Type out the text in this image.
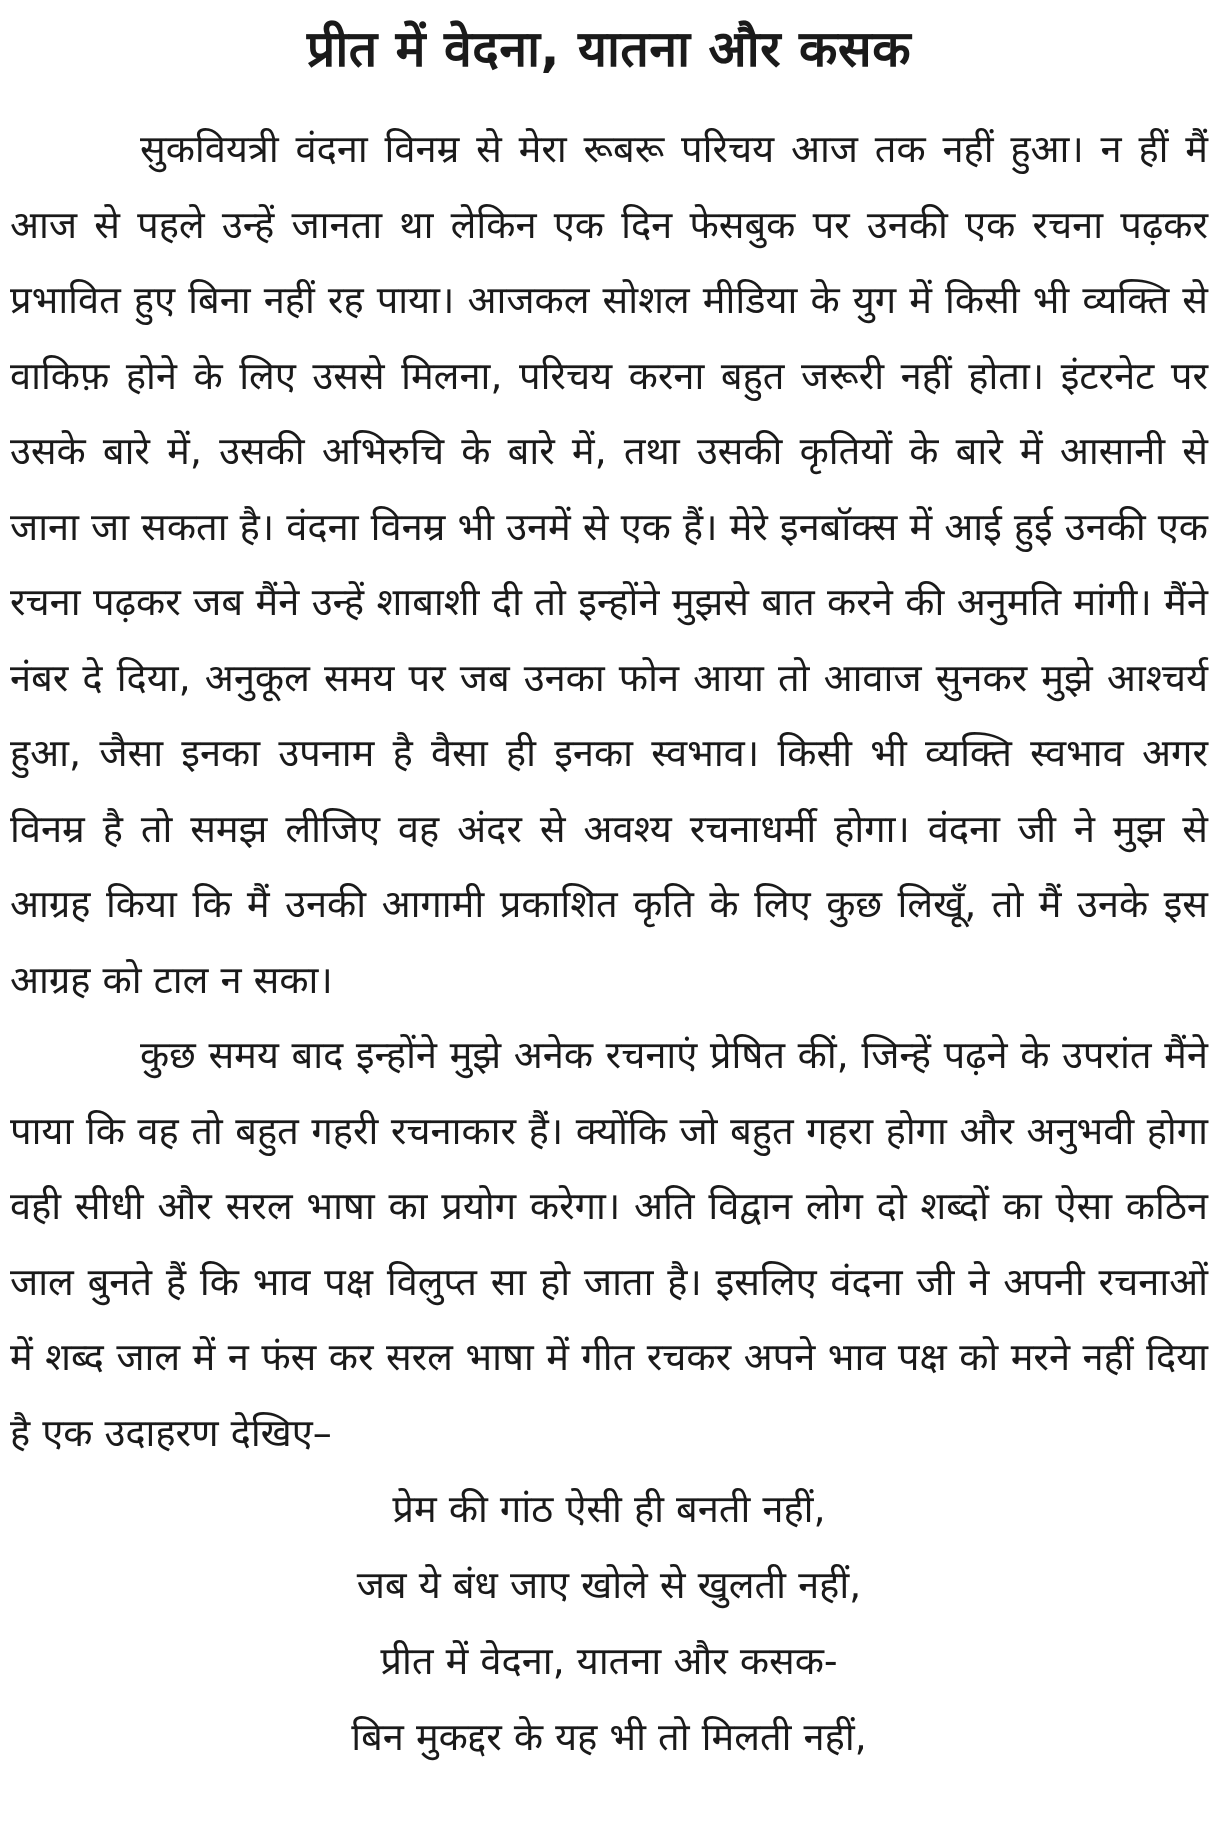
प्रीत में वेदना, यातना और कसक

सुकवियत्री वंदना विनम्र से मेरा रूबरू परिचय आज तक नहीं हुआ। न हीं मैं आज से पहले उन्हें जानता था लेकिन एक दिन फेसबुक पर उनकी एक रचना पढ़कर प्रभावित हुए बिना नहीं रह पाया। आजकल सोशल मीडिया के युग में किसी भी व्यक्ति से वाकिफ़ होने के लिए उससे मिलना, परिचय करना बहुत जरूरी नहीं होता। इंटरनेट पर उसके बारे में, उसकी अभिरुचि के बारे में, तथा उसकी कृतियों के बारे में आसानी से जाना जा सकता है। वंदना विनम्र भी उनमें से एक हैं। मेरे इनबॉक्स में आई हुई उनकी एक रचना पढ़कर जब मैंने उन्हें शाबाशी दी तो इन्होंने मुझसे बात करने की अनुमति मांगी। मैंने नंबर दे दिया, अनुकूल समय पर जब उनका फोन आया तो आवाज सुनकर मुझे आश्चर्य हुआ, जैसा इनका उपनाम है वैसा ही इनका स्वभाव। किसी भी व्यक्ति स्वभाव अगर विनम्र है तो समझ लीजिए वह अंदर से अवश्य रचनाधर्मी होगा। वंदना जी ने मुझ से आग्रह किया कि मैं उनकी आगामी प्रकाशित कृति के लिए कुछ लिखूँ, तो मैं उनके इस आग्रह को टाल न सका।

कुछ समय बाद इन्होंने मुझे अनेक रचनाएं प्रेषित कीं, जिन्हें पढ़ने के उपरांत मैंने पाया कि वह तो बहुत गहरी रचनाकार हैं। क्योंकि जो बहुत गहरा होगा और अनुभवी होगा वही सीधी और सरल भाषा का प्रयोग करेगा। अति विद्वान लोग दो शब्दों का ऐसा कठिन जाल बुनते हैं कि भाव पक्ष विलुप्त सा हो जाता है। इसलिए वंदना जी ने अपनी रचनाओं में शब्द जाल में न फंस कर सरल भाषा में गीत रचकर अपने भाव पक्ष को मरने नहीं दिया है एक उदाहरण देखिए–

प्रेम की गांठ ऐसी ही बनती नहीं,
जब ये बंध जाए खोले से खुलती नहीं,
प्रीत में वेदना, यातना और कसक-
बिन मुकद्दर के यह भी तो मिलती नहीं,
